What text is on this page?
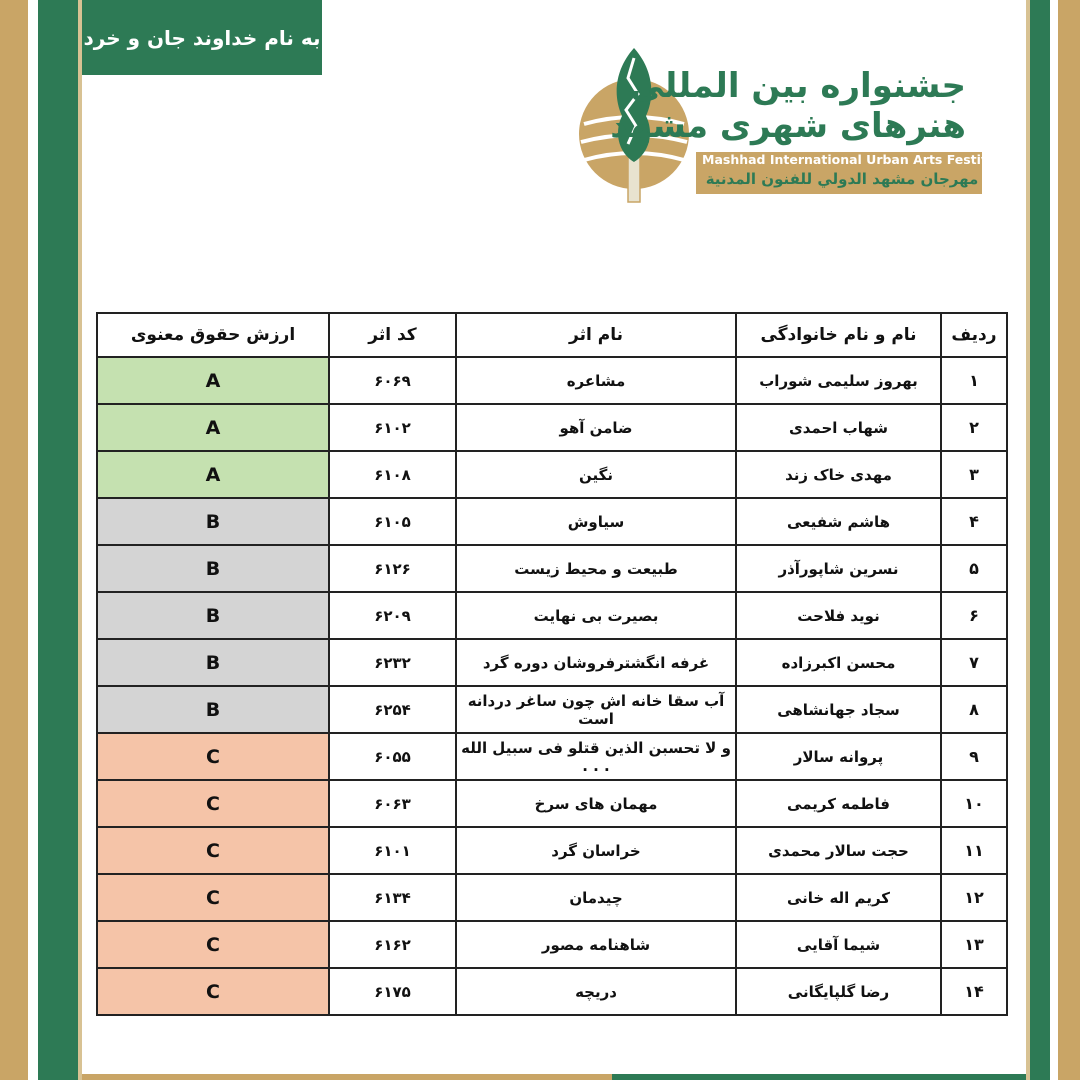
به نام خداوند جان و خرد
جشنواره بین المللی
هنرهای شهری مشهد
Mashhad International Urban Arts Festival
مهرجان مشهد الدولي للفنون المدنية
ردیف	نام و نام خانوادگی	نام اثر	کد اثر	ارزش حقوق معنوی
۱	بهروز سلیمی شوراب	مشاعره	۶۰۶۹	A
۲	شهاب احمدی	ضامن آهو	۶۱۰۲	A
۳	مهدی خاک زند	نگین	۶۱۰۸	A
۴	هاشم شفیعی	سیاوش	۶۱۰۵	B
۵	نسرین شاپورآذر	طبیعت و محیط زیست	۶۱۲۶	B
۶	نوید فلاحت	بصیرت بی نهایت	۶۲۰۹	B
۷	محسن اکبرزاده	غرفه انگشترفروشان دوره گرد	۶۲۳۲	B
۸	سجاد جهانشاهی	آب سقا خانه اش چون ساغر دردانه است	۶۲۵۴	B
۹	پروانه سالار	و لا تحسبن الذین قتلو فی سبیل الله . . .	۶۰۵۵	C
۱۰	فاطمه کریمی	مهمان های سرخ	۶۰۶۳	C
۱۱	حجت سالار محمدی	خراسان گرد	۶۱۰۱	C
۱۲	کریم اله خانی	چیدمان	۶۱۳۴	C
۱۳	شیما آقایی	شاهنامه مصور	۶۱۶۲	C
۱۴	رضا گلپایگانی	دریچه	۶۱۷۵	C
